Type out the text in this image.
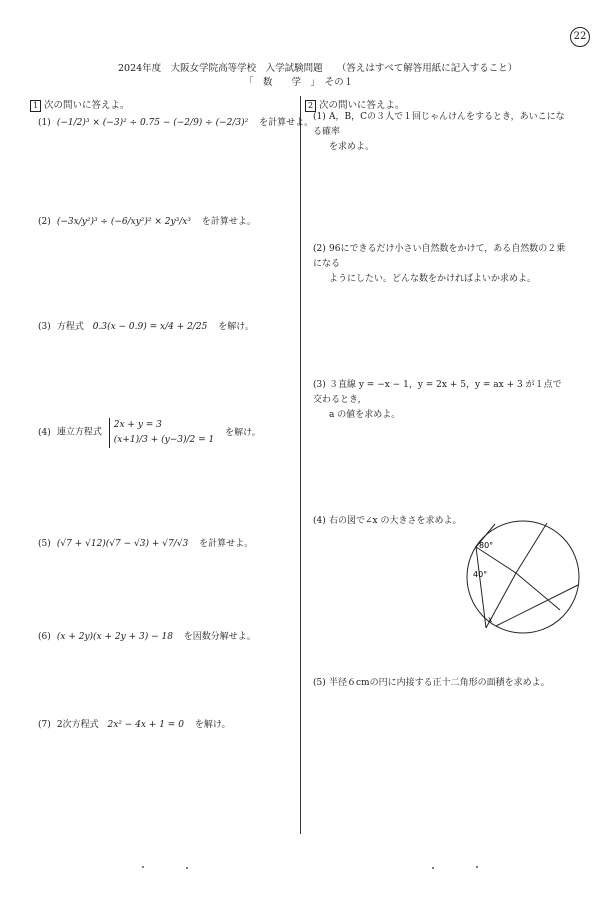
22
2024年度　大阪女学院高等学校　入学試験問題　　（答えはすべて解答用紙に記入すること）
「　数　　学　」　その１
1 次の問いに答えよ。
(1) (−1/2)³ × (−3)² ÷ 0.75 − (−2/9) ÷ (−2/3)² を計算せよ。
(2) (−3x/y²)³ ÷ (−6/xy²)² × 2y³/x³ を計算せよ。
(3) 方程式 0.3(x − 0.9) = x/4 + 2/25 を解け。
(4) 連立方程式
2x + y = 3
(x+1)/3 + (y−3)/2 = 1
を解け。
(5) (√7 + √12)(√7 − √3) + √7/√3 を計算せよ。
(6) (x + 2y)(x + 2y + 3) − 18 を因数分解せよ。
(7) 2次方程式 2x² − 4x + 1 = 0 を解け。
2 次の問いに答えよ。
(1) A，B，Cの３人で１回じゃんけんをするとき，あいこになる確率
を求めよ。
(2) 96にできるだけ小さい自然数をかけて，ある自然数の２乗になる
ようにしたい。どんな数をかければよいか求めよ。
(3) ３直線 y = −x − 1，y = 2x + 5，y = ax + 3 が１点で交わるとき，
a の値を求めよ。
(4) 右の図で∠x の大きさを求めよ。
80°
40°
x
(5) 半径６cmの円に内接する正十二角形の面積を求めよ。
